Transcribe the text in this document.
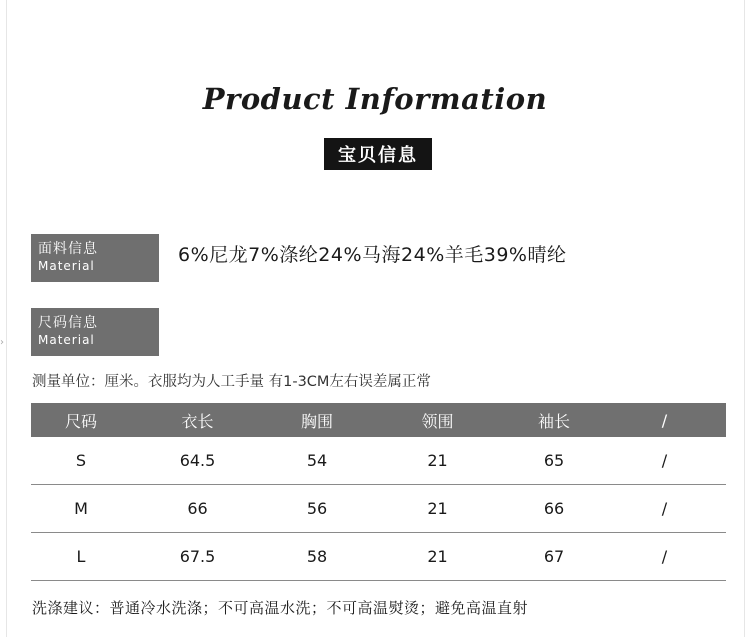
›
Product Information
宝贝信息
面料信息
Material	6%尼龙7%涤纶24%马海24%羊毛39%晴纶
尺码信息
Material
测量单位：厘米。衣服均为人工手量 有1-3CM左右误差属正常
尺码	衣长	胸围	领围	袖长	/
S	64.5	54	21	65	/
M	66	56	21	66	/
L	67.5	58	21	67	/
洗涤建议：普通冷水洗涤；不可高温水洗；不可高温熨烫；避免高温直射
